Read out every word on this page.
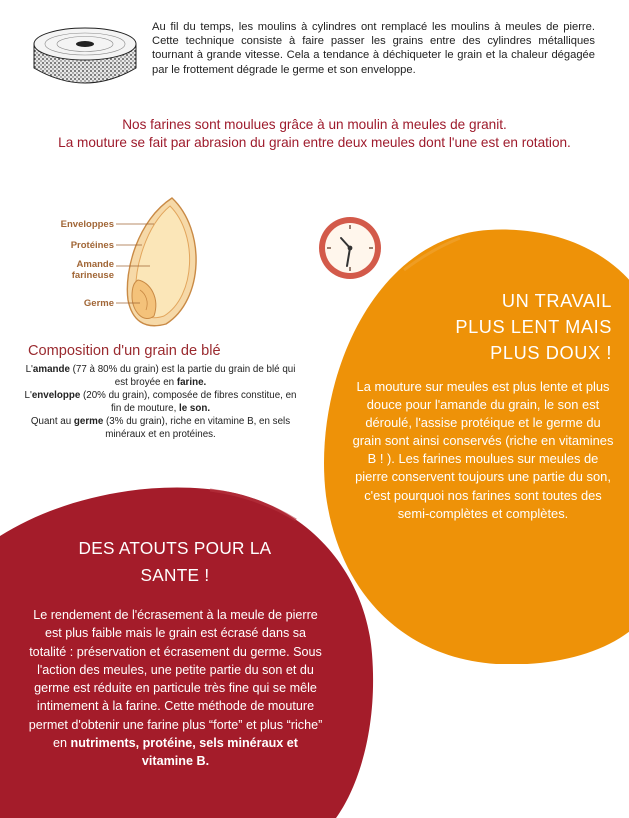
Au fil du temps, les moulins à cylindres ont remplacé les moulins à meules de pierre. Cette technique consiste à faire passer les grains entre des cylindres métalliques tournant à grande vitesse. Cela a tendance à déchiqueter le grain et la chaleur dégagée par le frottement dégrade le germe et son enveloppe.
Nos farines sont moulues grâce à un moulin à meules de granit.
La mouture se fait par abrasion du grain entre deux meules dont l'une est en rotation.
Enveloppes
Protéines
Amande
farineuse
Germe
Composition d'un grain de blé
L'amande (77 à 80% du grain) est la partie du grain de blé qui est broyée en farine.
L'enveloppe (20% du grain), composée de fibres constitue, en fin de mouture, le son.
Quant au germe (3% du grain), riche en vitamine B, en sels minéraux et en protéines.
UN TRAVAIL
PLUS LENT MAIS
PLUS DOUX !
La mouture sur meules est plus lente et plus douce pour l'amande du grain, le son est déroulé, l'assise protéique et le germe du grain sont ainsi conservés (riche en vitamines B ! ). Les farines moulues sur meules de pierre conservent toujours une partie du son, c'est pourquoi nos farines sont toutes des semi-complètes et complètes.
DES ATOUTS POUR LA
SANTE !
Le rendement de l'écrasement à la meule de pierre est plus faible mais le grain est écrasé dans sa totalité : préservation et écrasement du germe. Sous l'action des meules, une petite partie du son et du germe est réduite en particule très fine qui se mêle intimement à la farine. Cette méthode de mouture permet d'obtenir une farine plus “forte” et plus “riche” en nutriments, protéine, sels minéraux et vitamine B.
